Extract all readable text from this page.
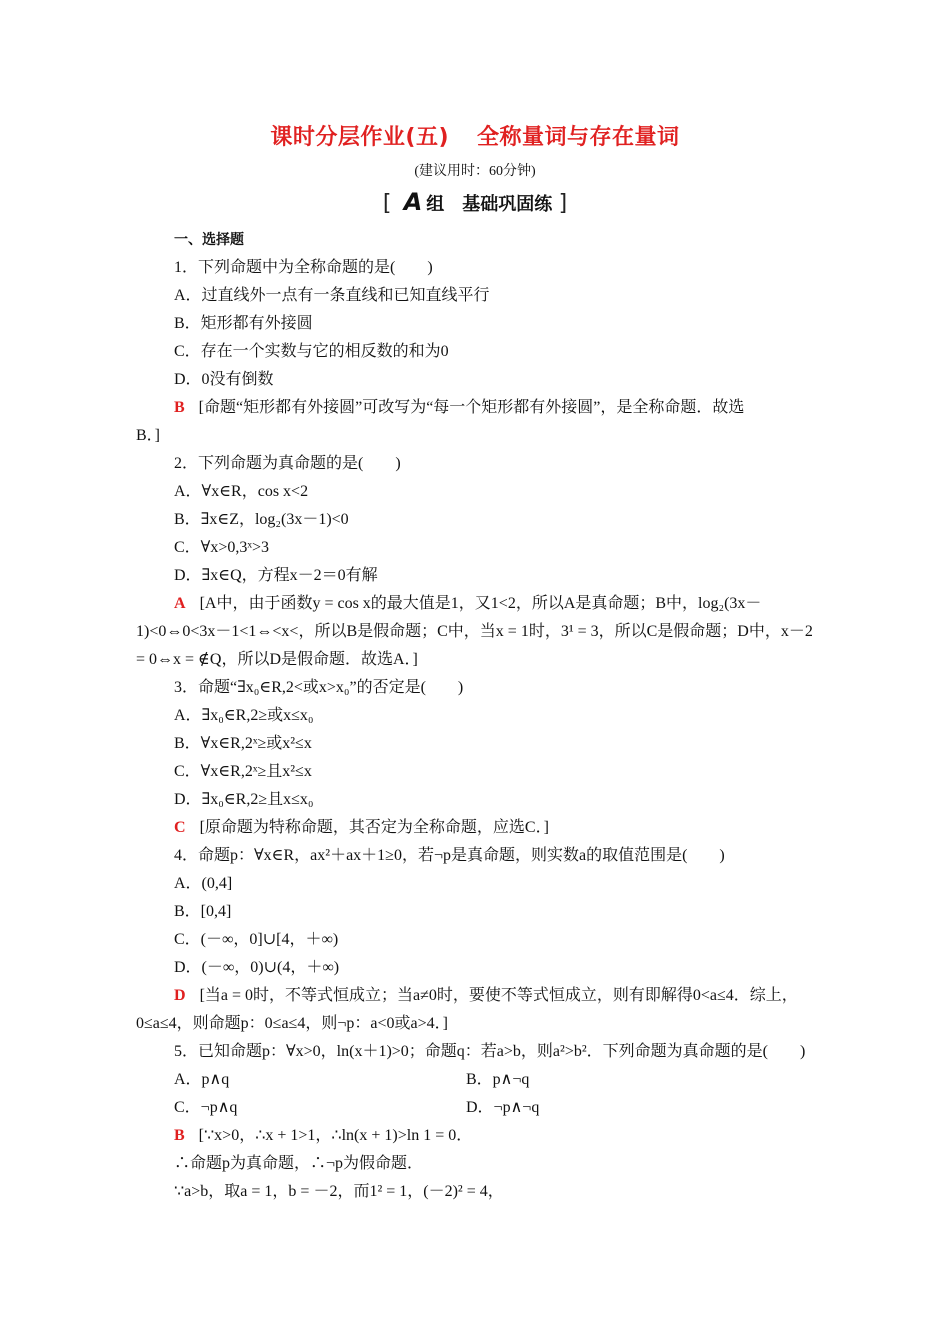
课时分层作业(五) 全称量词与存在量词
(建议用时：60分钟)
[ A 组 基础巩固练 ]
一、选择题
1．下列命题中为全称命题的是(　　)
A．过直线外一点有一条直线和已知直线平行
B．矩形都有外接圆
C．存在一个实数与它的相反数的和为0
D．0没有倒数
B [命题“矩形都有外接圆”可改写为“每一个矩形都有外接圆”，是全称命题．故选
B．]
2．下列命题为真命题的是(　　)
A．∀x∈R，cos x<2
B．∃x∈Z，log₂(3x－1)<0
C．∀x>0,3ˣ>3
D．∃x∈Q，方程x－2＝0有解
A [A中，由于函数y = cos x的最大值是1，又1<2，所以A是真命题；B中，log₂(3x－
1)<0⇔0<3x－1<1⇔<x<，所以B是假命题；C中，当x = 1时，3¹ = 3，所以C是假命题；D中，x－2
= 0⇔x = ∉Q，所以D是假命题．故选A．]
3．命题“∃x₀∈R,2<或x>x₀”的否定是(　　)
A．∃x₀∈R,2≥或x≤x₀
B．∀x∈R,2ˣ≥或x²≤x
C．∀x∈R,2ˣ≥且x²≤x
D．∃x₀∈R,2≥且x≤x₀
C [原命题为特称命题，其否定为全称命题，应选C．]
4．命题p：∀x∈R，ax²＋ax＋1≥0，若¬p是真命题，则实数a的取值范围是(　　)
A．(0,4]
B．[0,4]
C．(－∞，0]∪[4，＋∞)
D．(－∞，0)∪(4，＋∞)
D [当a = 0时，不等式恒成立；当a≠0时，要使不等式恒成立，则有即解得0<a≤4．综上，
0≤a≤4，则命题p：0≤a≤4，则¬p：a<0或a>4．]
5．已知命题p：∀x>0，ln(x＋1)>0；命题q：若a>b，则a²>b²．下列命题为真命题的是(　　)
A．p∧q	B．p∧¬q
C．¬p∧q	D．¬p∧¬q
B [∵x>0，∴x + 1>1，∴ln(x + 1)>ln 1 = 0．
∴命题p为真命题，∴¬p为假命题．
∵a>b，取a = 1，b = －2，而1² = 1，(－2)² = 4，
